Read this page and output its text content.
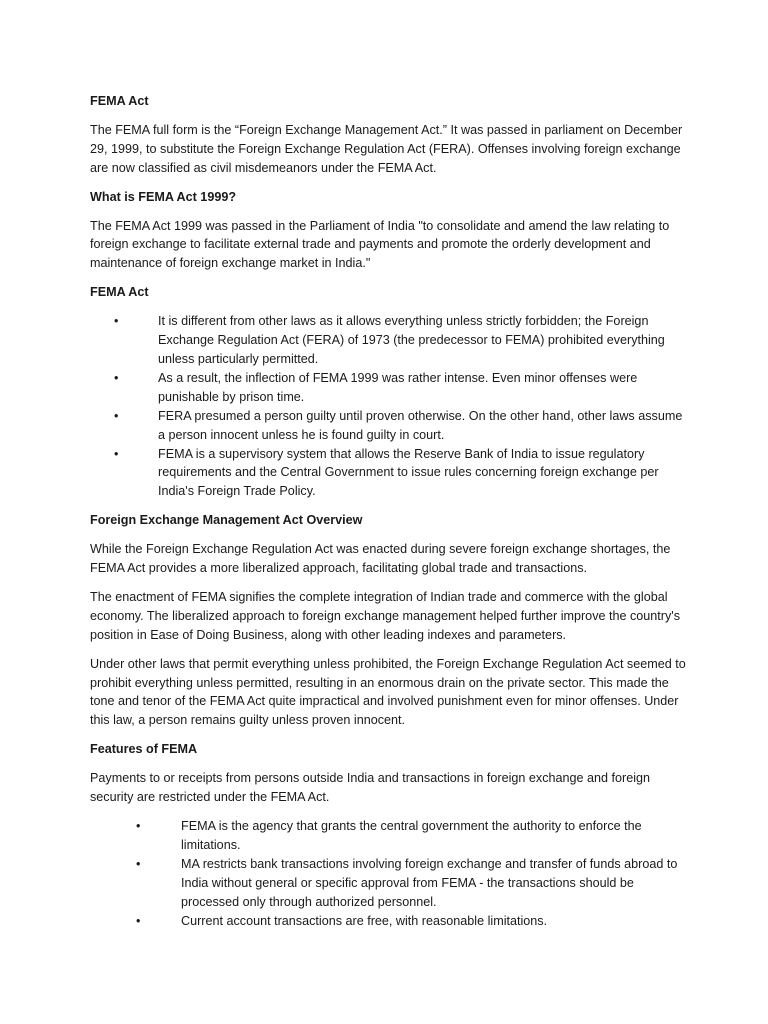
FEMA Act

The FEMA full form is the “Foreign Exchange Management Act.” It was passed in parliament on December 29, 1999, to substitute the Foreign Exchange Regulation Act (FERA). Offenses involving foreign exchange are now classified as civil misdemeanors under the FEMA Act.

What is FEMA Act 1999?

The FEMA Act 1999 was passed in the Parliament of India "to consolidate and amend the law relating to foreign exchange to facilitate external trade and payments and promote the orderly development and maintenance of foreign exchange market in India."

FEMA Act

• It is different from other laws as it allows everything unless strictly forbidden; the Foreign Exchange Regulation Act (FERA) of 1973 (the predecessor to FEMA) prohibited everything unless particularly permitted.
• As a result, the inflection of FEMA 1999 was rather intense. Even minor offenses were punishable by prison time.
• FERA presumed a person guilty until proven otherwise. On the other hand, other laws assume a person innocent unless he is found guilty in court.
• FEMA is a supervisory system that allows the Reserve Bank of India to issue regulatory requirements and the Central Government to issue rules concerning foreign exchange per India's Foreign Trade Policy.

Foreign Exchange Management Act Overview

While the Foreign Exchange Regulation Act was enacted during severe foreign exchange shortages, the FEMA Act provides a more liberalized approach, facilitating global trade and transactions.

The enactment of FEMA signifies the complete integration of Indian trade and commerce with the global economy. The liberalized approach to foreign exchange management helped further improve the country's position in Ease of Doing Business, along with other leading indexes and parameters.

Under other laws that permit everything unless prohibited, the Foreign Exchange Regulation Act seemed to prohibit everything unless permitted, resulting in an enormous drain on the private sector. This made the tone and tenor of the FEMA Act quite impractical and involved punishment even for minor offenses. Under this law, a person remains guilty unless proven innocent.

Features of FEMA

Payments to or receipts from persons outside India and transactions in foreign exchange and foreign security are restricted under the FEMA Act.

• FEMA is the agency that grants the central government the authority to enforce the limitations.
• MA restricts bank transactions involving foreign exchange and transfer of funds abroad to India without general or specific approval from FEMA - the transactions should be processed only through authorized personnel.
• Current account transactions are free, with reasonable limitations.
